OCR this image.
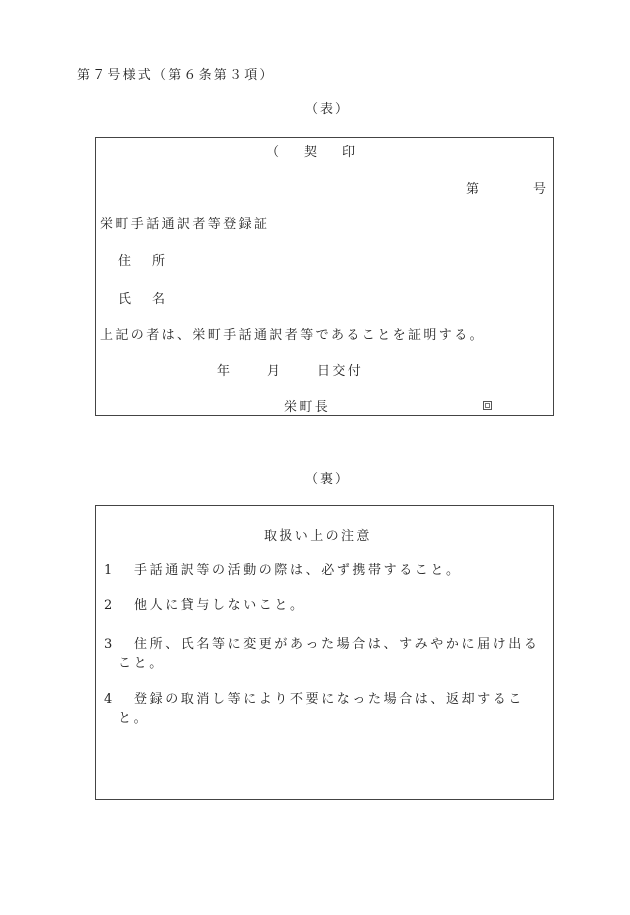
第７号様式（第６条第３項）
（表）
（　契　印
第	号
栄町手話通訳者等登録証
住　所
氏　名
上記の者は、栄町手話通訳者等であることを証明する。
年	月	日交付
栄町長
（裏）
取扱い上の注意
1 手話通訳等の活動の際は、必ず携帯すること。
2 他人に貸与しないこと。
3	住所、氏名等に変更があった場合は、すみやかに届け出ること。
4	登録の取消し等により不要になった場合は、返却すること。
